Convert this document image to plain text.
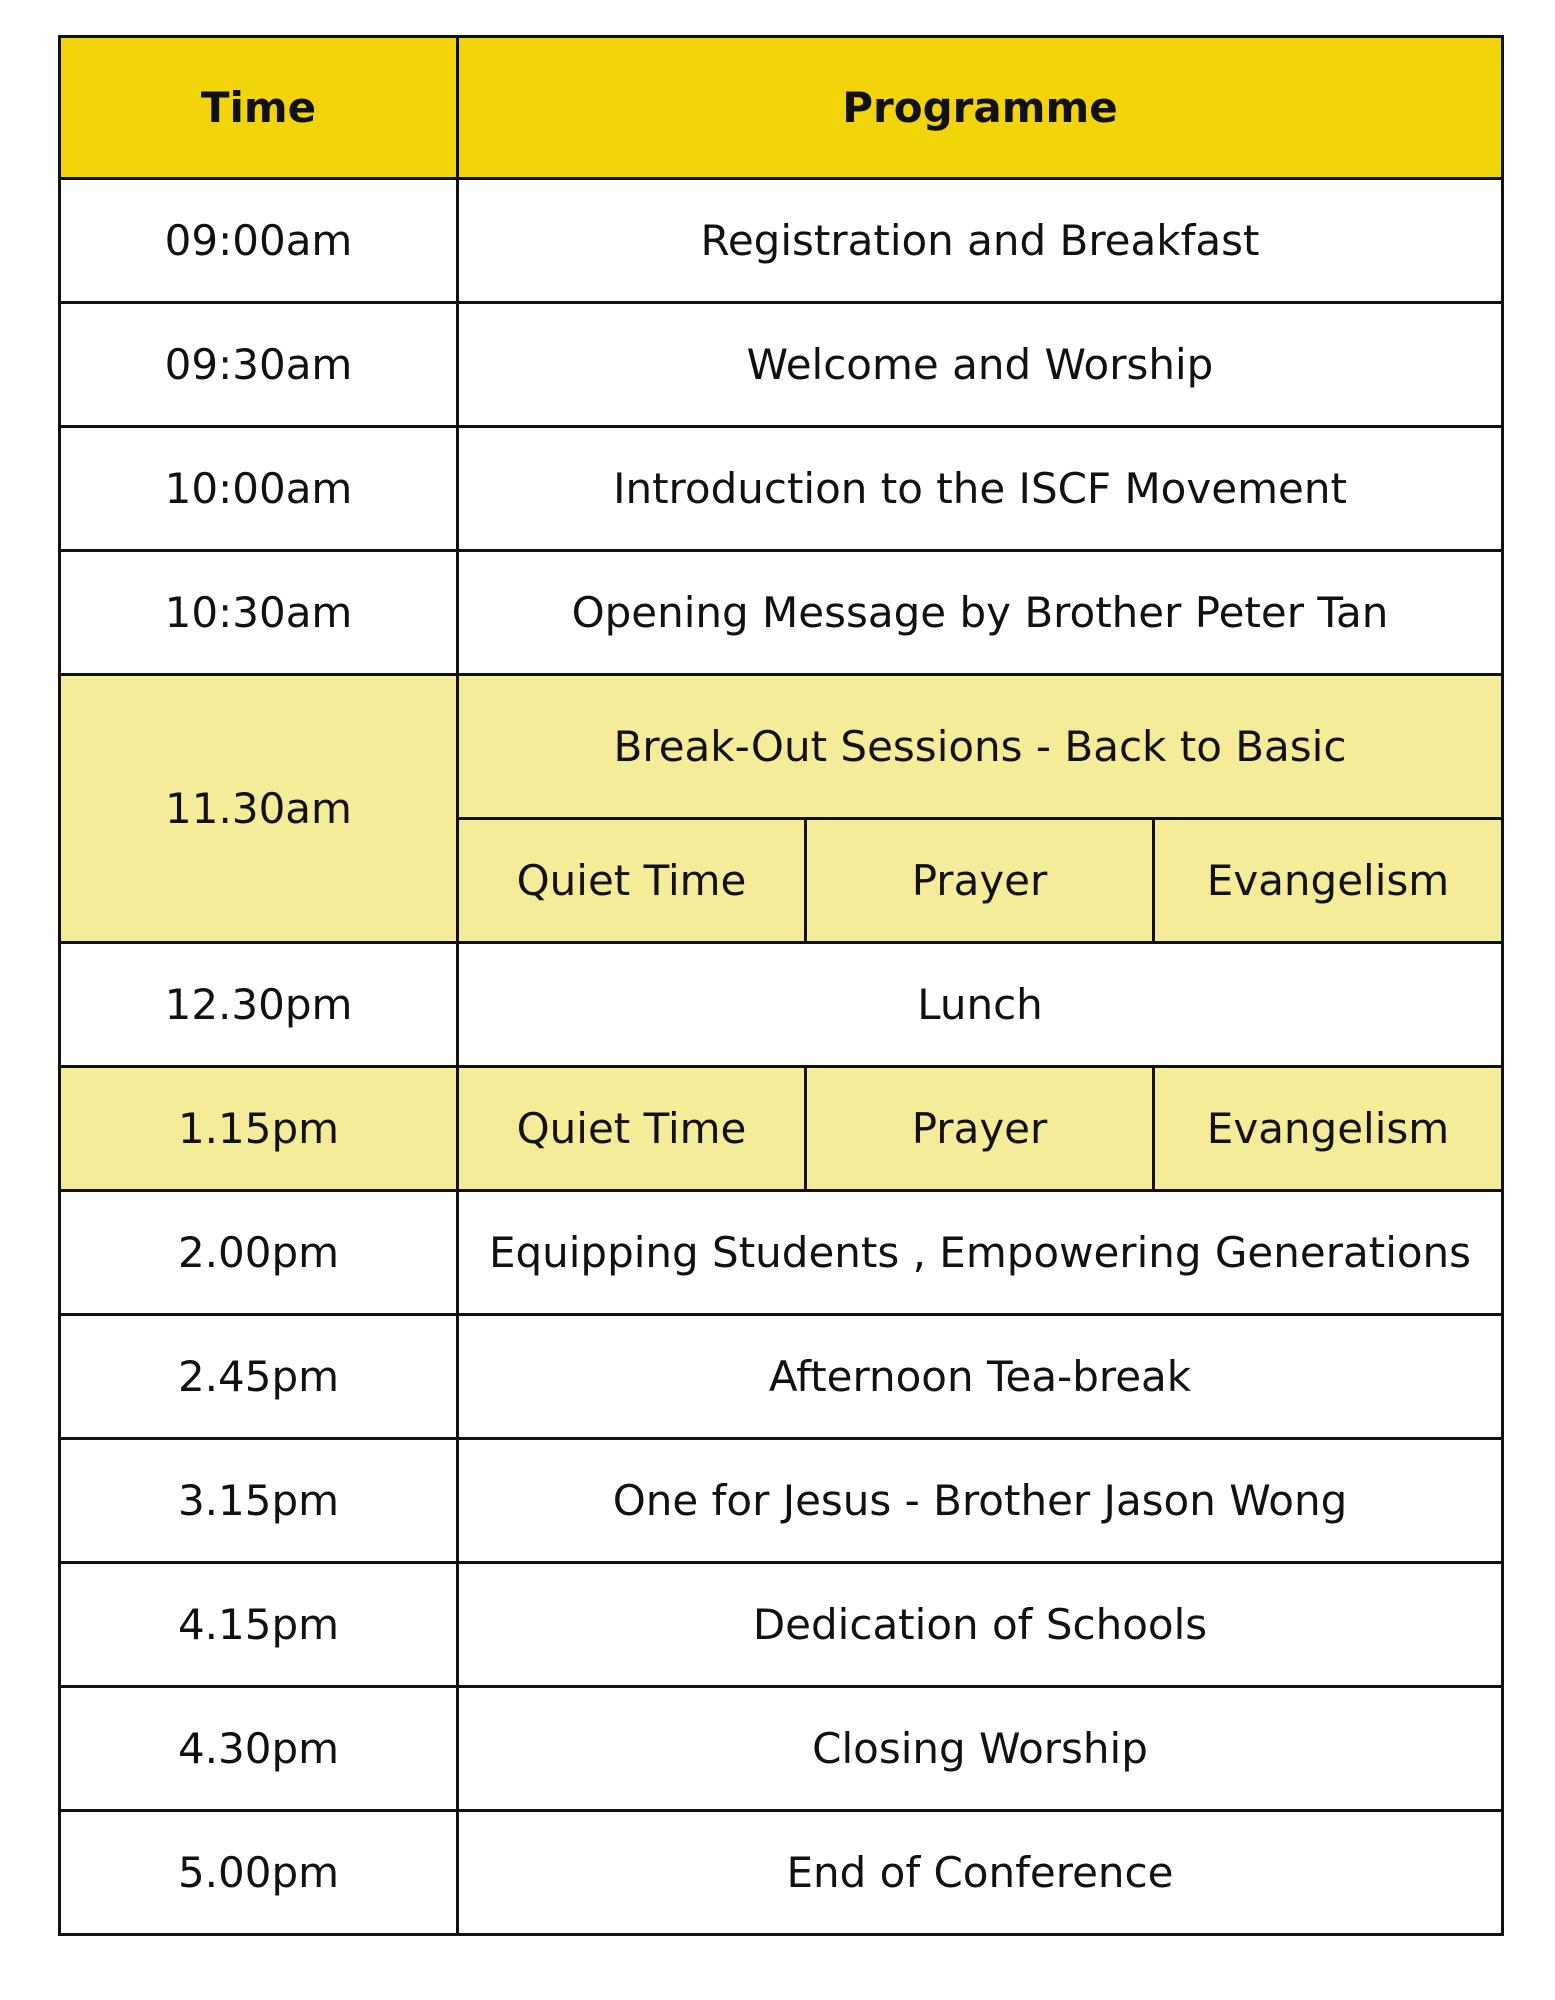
Time	Programme		
09:00am	Registration and Breakfast		
09:30am	Welcome and Worship		
10:00am	Introduction to the ISCF Movement		
10:30am	Opening Message by Brother Peter Tan		
11.30am	Break-Out Sessions - Back to Basic		
	Quiet Time	Prayer	Evangelism
12.30pm	Lunch		
1.15pm	Quiet Time	Prayer	Evangelism
2.00pm	Equipping Students , Empowering Generations		
2.45pm	Afternoon Tea-break		
3.15pm	One for Jesus - Brother Jason Wong		
4.15pm	Dedication of Schools		
4.30pm	Closing Worship		
5.00pm	End of Conference		
